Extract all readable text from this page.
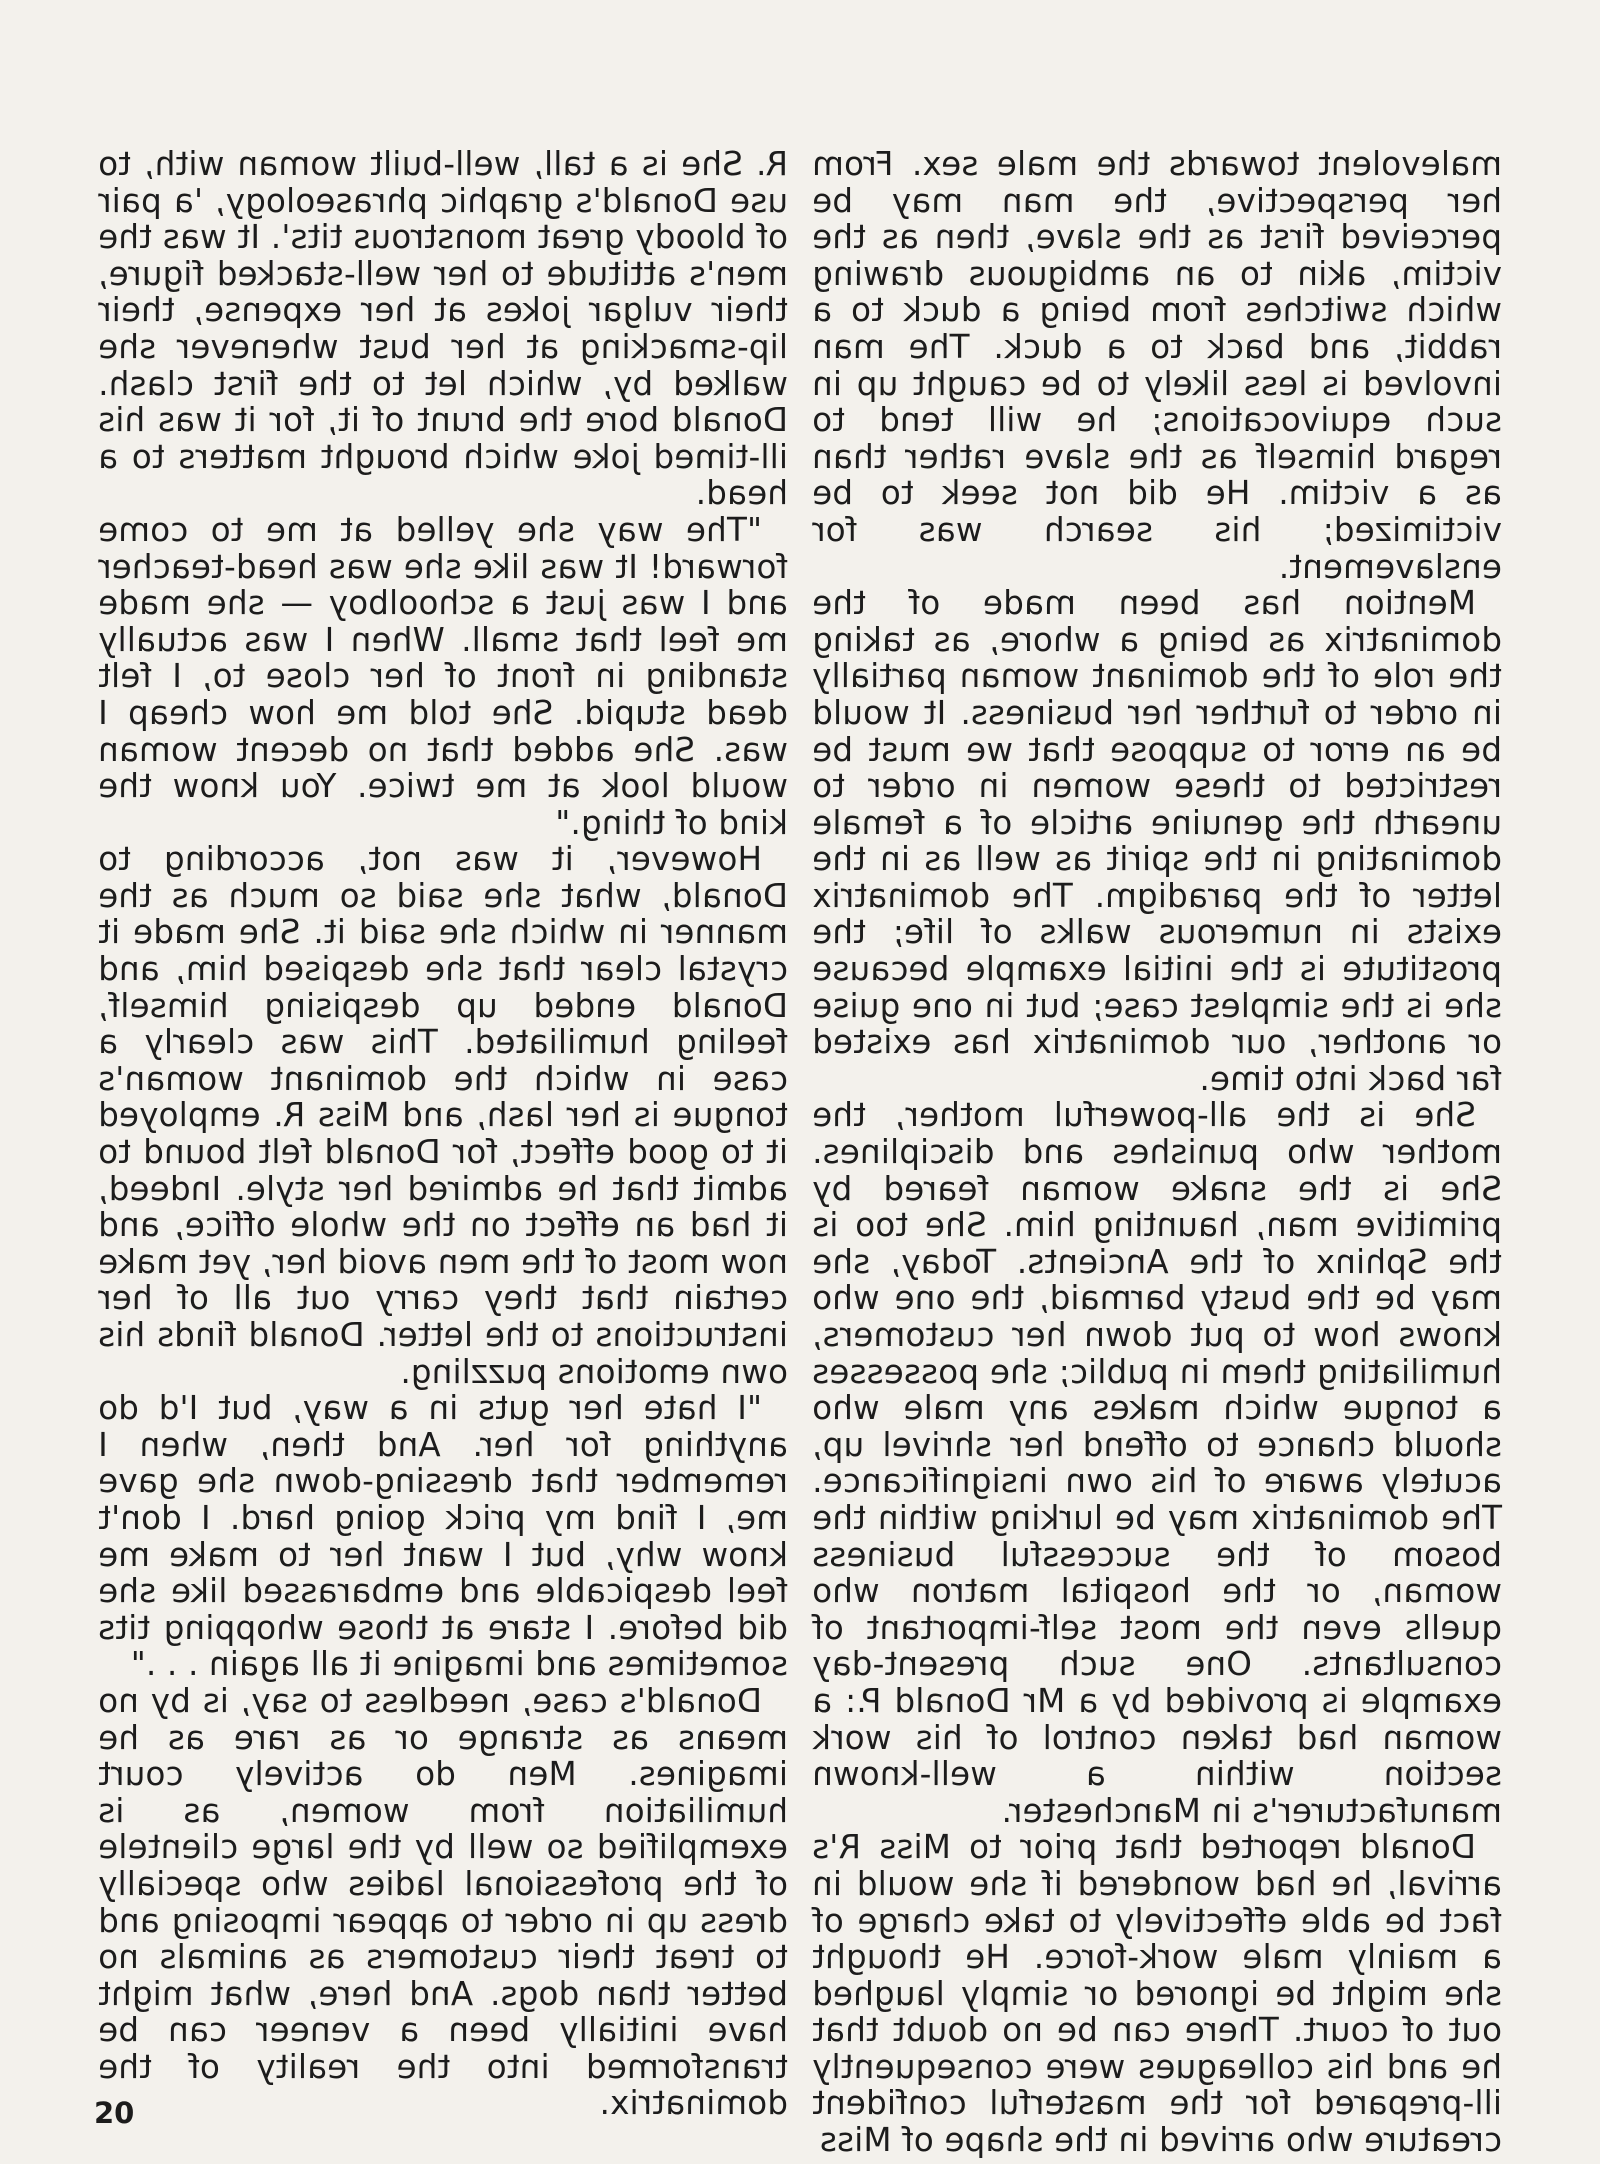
malevolent towards the male sex. From her perspective, the man may be perceived first as the slave, then as the victim, akin to an ambiguous drawing which switches from being a duck to a rabbit, and back to a duck. The man involved is less likely to be caught up in such equivocations; he will tend to regard himself as the slave rather than as a victim. He did not seek to be victimized; his search was for enslavement.

Mention has been made of the dominatrix as being a whore, as taking the role of the dominant woman partially in order to further her business. It would be an error to suppose that we must be restricted to these women in order to unearth the genuine article of a female dominating in the spirit as well as in the letter of the paradigm. The dominatrix exists in numerous walks of life; the prostitute is the initial example because she is the simplest case; but in one guise or another, our dominatrix has existed far back into time.

She is the all-powerful mother, the mother who punishes and disciplines. She is the snake woman feared by primitive man, haunting him. She too is the Sphinx of the Ancients. Today, she may be the busty barmaid, the one who knows how to put down her customers, humiliating them in public; she possesses a tongue which makes any male who should chance to offend her shrivel up, acutely aware of his own insignificance. The dominatrix may be lurking within the bosom of the successful business woman, or the hospital matron who quells even the most self-important of consultants. One such present-day example is provided by a Mr Donald P.: a woman had taken control of his work section within a well-known manufacturer's in Manchester.

Donald reported that prior to Miss R's arrival, he had wondered if she would in fact be able effectively to take charge of a mainly male work-force. He thought she might be ignored or simply laughed out of court. There can be no doubt that he and his colleagues were consequently ill-prepared for the masterful confident creature who arrived in the shape of Miss

R. She is a tall, well-built woman with, to use Donald's graphic phraseology, 'a pair of bloody great monstrous tits'. It was the men's attitude to her well-stacked figure, their vulgar jokes at her expense, their lip-smacking at her bust whenever she walked by, which let to the first clash. Donald bore the brunt of it, for it was his ill-timed joke which brought matters to a head.

"The way she yelled at me to come forward! It was like she was head-teacher and I was just a schoolboy — she made me feel that small. When I was actually standing in front of her close to, I felt dead stupid. She told me how cheap I was. She added that no decent woman would look at me twice. You know the kind of thing."

However, it was not, according to Donald, what she said so much as the manner in which she said it. She made it crystal clear that she despised him, and Donald ended up despising himself, feeling humiliated. This was clearly a case in which the dominant woman's tongue is her lash, and Miss R. employed it to good effect, for Donald felt bound to admit that he admired her style. Indeed, it had an effect on the whole office, and now most of the men avoid her, yet make certain that they carry out all of her instructions to the letter. Donald finds his own emotions puzzling.

"I hate her guts in a way, but I'd do anything for her. And then, when I remember that dressing-down she gave me, I find my prick going hard. I don't know why, but I want her to make me feel despicable and embarassed like she did before. I stare at those whopping tits sometimes and imagine it all again . . ."

Donald's case, needless to say, is by no means as strange or as rare as he imagines. Men do actively court humiliation from women, as is exemplified so well by the large clientele of the professional ladies who specially dress up in order to appear imposing and to treat their customers as animals no better than dogs. And here, what might have initially been a veneer can be transformed into the reality of the dominatrix.

20
